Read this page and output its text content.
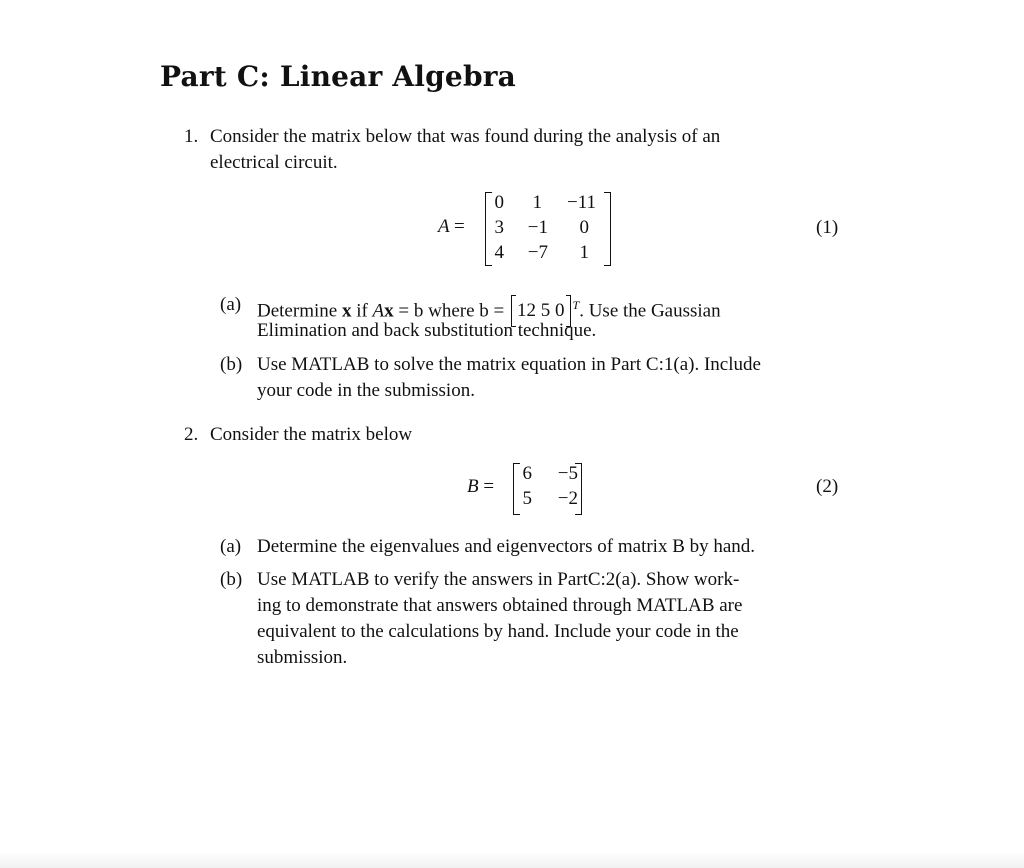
Part C: Linear Algebra
1. Consider the matrix below that was found during the analysis of an
electrical circuit.
A =
0	1	−11
3	−1	0
4	−7	1
(1)
(a) Determine x if Ax = b where b = 12 5 0 $^T$. Use the Gaussian
Elimination and back substitution technique.
(b) Use MATLAB to solve the matrix equation in Part C:1(a). Include
your code in the submission.
2. Consider the matrix below
B =
6	−5
5	−2
(2)
(a) Determine the eigenvalues and eigenvectors of matrix B by hand.
(b) Use MATLAB to verify the answers in PartC:2(a). Show work-
ing to demonstrate that answers obtained through MATLAB are
equivalent to the calculations by hand. Include your code in the
submission.
